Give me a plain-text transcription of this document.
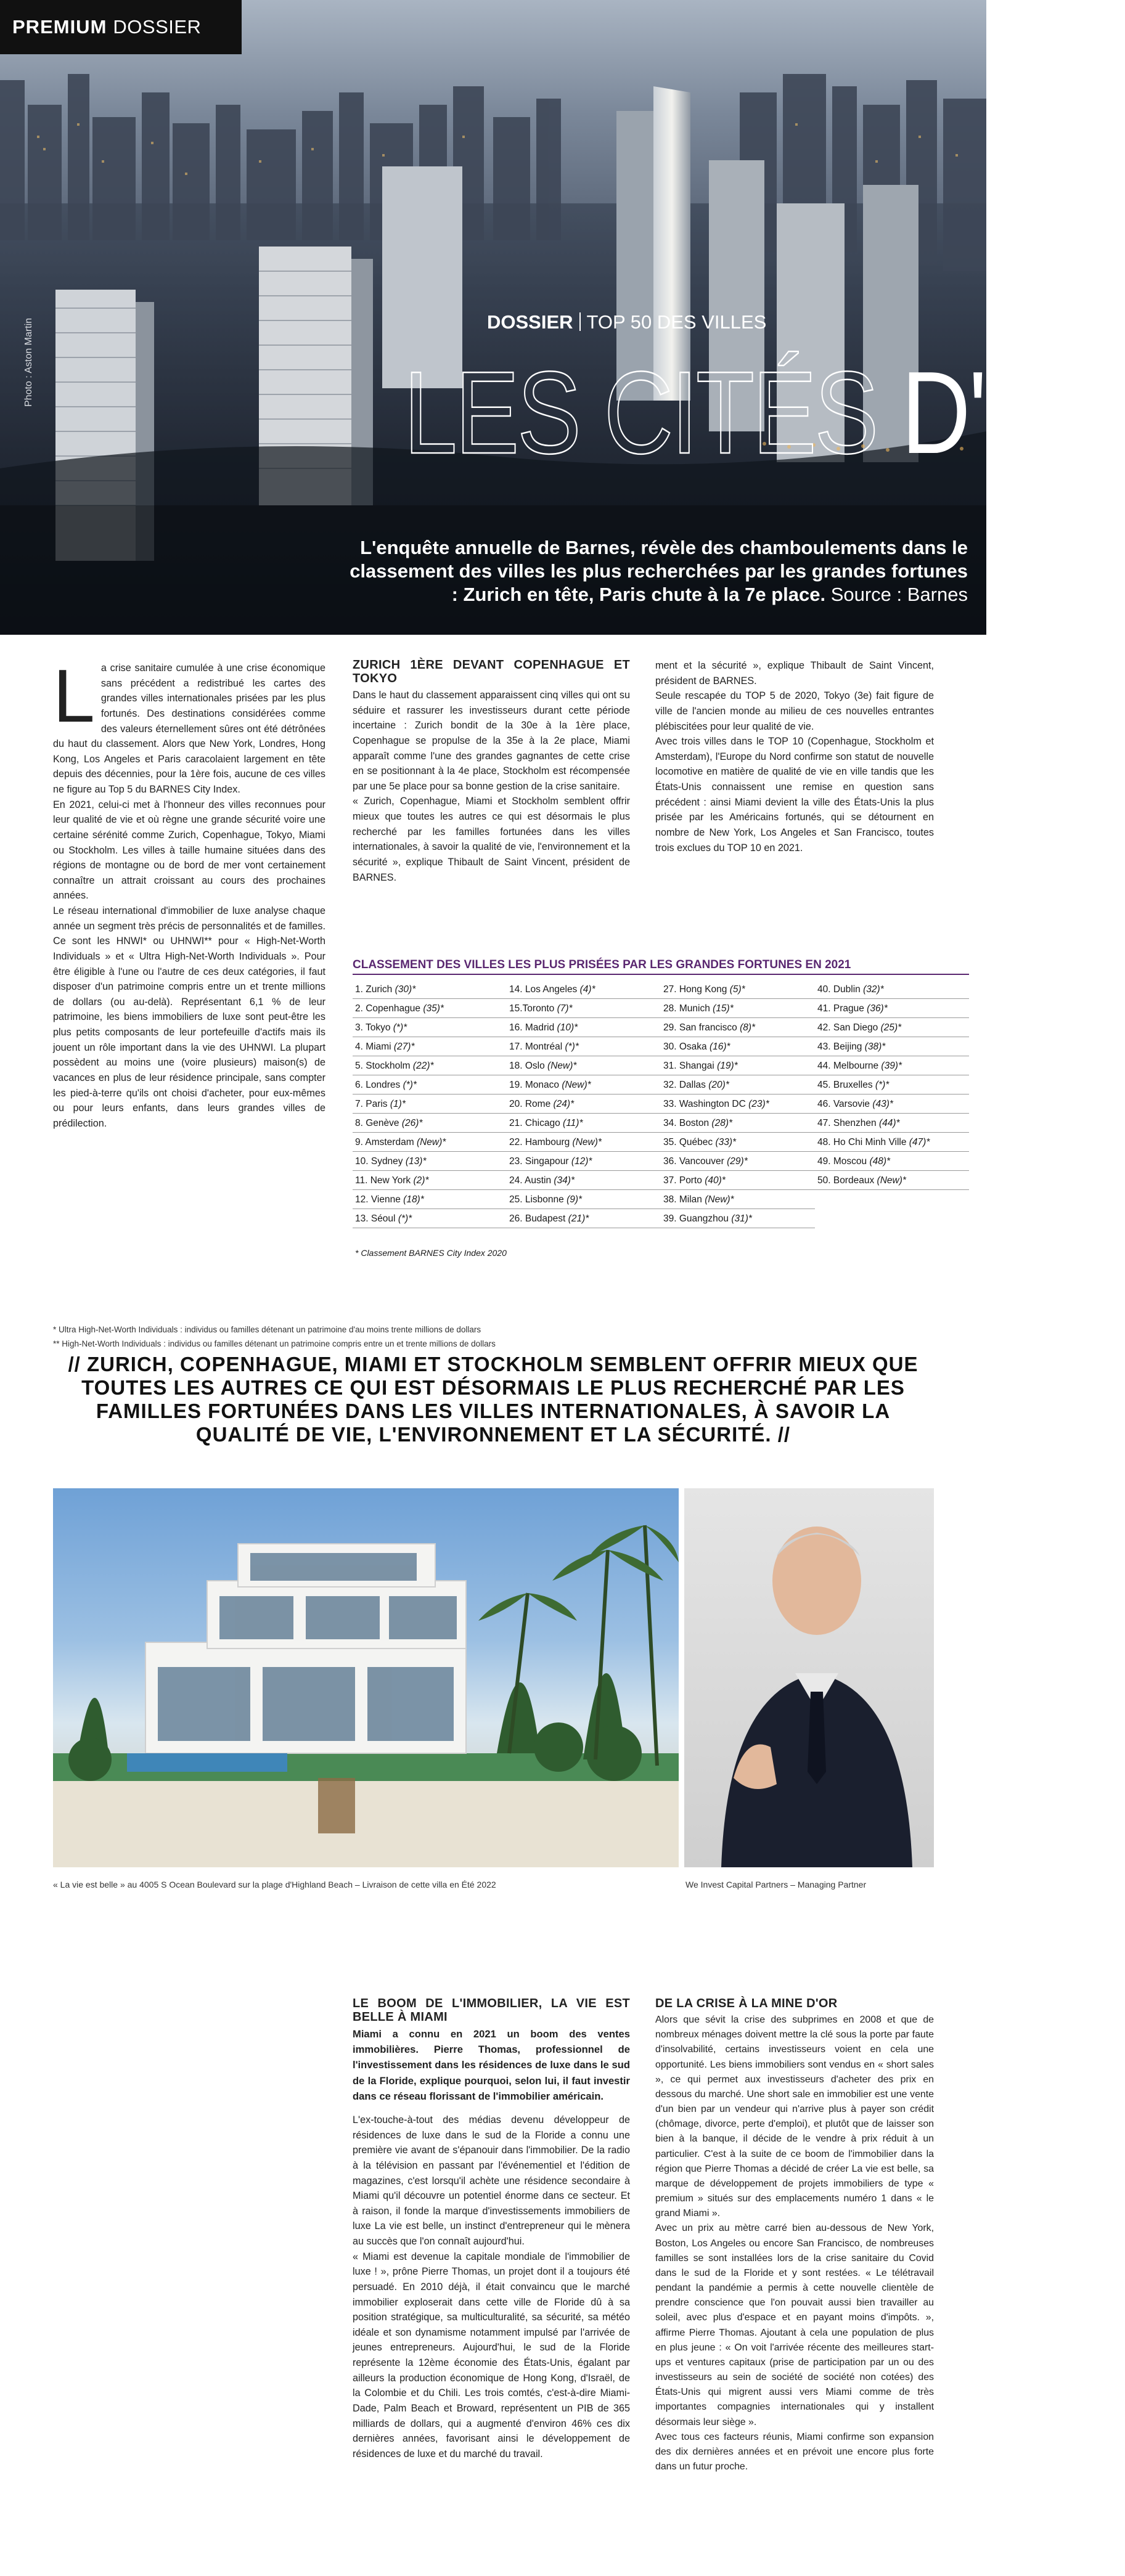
PREMIUM DOSSIER
DOSSIER TOP 50 DES VILLES
LES CITÉS D'OR
Photo : Aston Martin
L'enquête annuelle de Barnes, révèle des chamboulements dans le classement des villes les plus recherchées par les grandes fortunes : Zurich en tête, Paris chute à la 7e place. Source : Barnes

La crise sanitaire cumulée à une crise économique sans précédent a redistribué les cartes des grandes villes internationales prisées par les plus fortunés. Des destinations considérées comme des valeurs éternellement sûres ont été détrônées du haut du classement. Alors que New York, Londres, Hong Kong, Los Angeles et Paris caracolaient largement en tête depuis des décennies, pour la 1ère fois, aucune de ces villes ne figure au Top 5 du BARNES City Index.

En 2021, celui-ci met à l'honneur des villes reconnues pour leur qualité de vie et où règne une grande sécurité voire une certaine sérénité comme Zurich, Copenhague, Tokyo, Miami ou Stockholm. Les villes à taille humaine situées dans des régions de montagne ou de bord de mer vont certainement connaître un attrait croissant au cours des prochaines années.

Le réseau international d'immobilier de luxe analyse chaque année un segment très précis de personnalités et de familles. Ce sont les HNWI* ou UHNWI** pour « High-Net-Worth Individuals » et « Ultra High-Net-Worth Individuals ». Pour être éligible à l'une ou l'autre de ces deux catégories, il faut disposer d'un patrimoine compris entre un et trente millions de dollars (ou au-delà). Représentant 6,1 % de leur patrimoine, les biens immobiliers de luxe sont peut-être les plus petits composants de leur portefeuille d'actifs mais ils jouent un rôle important dans la vie des UHNWI. La plupart possèdent au moins une (voire plusieurs) maison(s) de vacances en plus de leur résidence principale, sans compter les pied-à-terre qu'ils ont choisi d'acheter, pour eux-mêmes ou pour leurs enfants, dans leurs grandes villes de prédilection.

ZURICH 1ÈRE DEVANT COPENHAGUE ET TOKYO

Dans le haut du classement apparaissent cinq villes qui ont su séduire et rassurer les investisseurs durant cette période incertaine : Zurich bondit de la 30e à la 1ère place, Copenhague se propulse de la 35e à la 2e place, Miami apparaît comme l'une des grandes gagnantes de cette crise en se positionnant à la 4e place, Stockholm est récompensée par une 5e place pour sa bonne gestion de la crise sanitaire.

« Zurich, Copenhague, Miami et Stockholm semblent offrir mieux que toutes les autres ce qui est désormais le plus recherché par les familles fortunées dans les villes internationales, à savoir la qualité de vie, l'environnement et la sécurité », explique Thibault de Saint Vincent, président de BARNES.

ment et la sécurité », explique Thibault de Saint Vincent, président de BARNES.

Seule rescapée du TOP 5 de 2020, Tokyo (3e) fait figure de ville de l'ancien monde au milieu de ces nouvelles entrantes plébiscitées pour leur qualité de vie.

Avec trois villes dans le TOP 10 (Copenhague, Stockholm et Amsterdam), l'Europe du Nord confirme son statut de nouvelle locomotive en matière de qualité de vie en ville tandis que les États-Unis connaissent une remise en question sans précédent : ainsi Miami devient la ville des États-Unis la plus prisée par les Américains fortunés, qui se détournent en nombre de New York, Los Angeles et San Francisco, toutes trois exclues du TOP 10 en 2021.

CLASSEMENT DES VILLES LES PLUS PRISÉES PAR LES GRANDES FORTUNES EN 2021
1. Zurich (30)*	14. Los Angeles (4)*	27. Hong Kong (5)*	40. Dublin (32)*
2. Copenhague (35)*	15.Toronto (7)*	28. Munich (15)*	41. Prague (36)*
3. Tokyo (*)*	16. Madrid (10)*	29. San francisco (8)*	42. San Diego (25)*
4. Miami (27)*	17. Montréal (*)*	30. Osaka (16)*	43. Beijing (38)*
5. Stockholm (22)*	18. Oslo (New)*	31. Shangai (19)*	44. Melbourne (39)*
6. Londres (*)*	19. Monaco (New)*	32. Dallas (20)*	45. Bruxelles (*)*
7. Paris (1)*	20. Rome (24)*	33. Washington DC (23)*	46. Varsovie (43)*
8. Genève (26)*	21. Chicago (11)*	34. Boston (28)*	47. Shenzhen (44)*
9. Amsterdam (New)*	22. Hambourg (New)*	35. Québec (33)*	48. Ho Chi Minh Ville (47)*
10. Sydney (13)*	23. Singapour (12)*	36. Vancouver (29)*	49. Moscou (48)*
11. New York (2)*	24. Austin (34)*	37. Porto (40)*	50. Bordeaux (New)*
12. Vienne (18)*	25. Lisbonne (9)*	38. Milan (New)*
13. Séoul (*)*	26. Budapest (21)*	39. Guangzhou (31)*
* Classement BARNES City Index 2020
* Ultra High-Net-Worth Individuals : individus ou familles détenant un patrimoine d'au moins trente millions de dollars
** High-Net-Worth Individuals : individus ou familles détenant un patrimoine compris entre un et trente millions de dollars
// ZURICH, COPENHAGUE, MIAMI ET STOCKHOLM SEMBLENT OFFRIR MIEUX QUE TOUTES LES AUTRES CE QUI EST DÉSORMAIS LE PLUS RECHERCHÉ PAR LES FAMILLES FORTUNÉES DANS LES VILLES INTERNATIONALES, À SAVOIR LA QUALITÉ DE VIE, L'ENVIRONNEMENT ET LA SÉCURITÉ. //
« La vie est belle » au 4005 S Ocean Boulevard sur la plage d'Highland Beach – Livraison de cette villa en Été 2022	We Invest Capital Partners – Managing Partner
LE BOOM DE L'IMMOBILIER, LA VIE EST BELLE À MIAMI

Miami a connu en 2021 un boom des ventes immobilières. Pierre Thomas, professionnel de l'investissement dans les résidences de luxe dans le sud de la Floride, explique pourquoi, selon lui, il faut investir dans ce réseau florissant de l'immobilier américain.

L'ex-touche-à-tout des médias devenu développeur de résidences de luxe dans le sud de la Floride a connu une première vie avant de s'épanouir dans l'immobilier. De la radio à la télévision en passant par l'événementiel et l'édition de magazines, c'est lorsqu'il achète une résidence secondaire à Miami qu'il découvre un potentiel énorme dans ce secteur. Et à raison, il fonde la marque d'investissements immobiliers de luxe La vie est belle, un instinct d'entrepreneur qui le mènera au succès que l'on connaît aujourd'hui.

« Miami est devenue la capitale mondiale de l'immobilier de luxe ! », prône Pierre Thomas, un projet dont il a toujours été persuadé. En 2010 déjà, il était convaincu que le marché immobilier exploserait dans cette ville de Floride dû à sa position stratégique, sa multiculturalité, sa sécurité, sa météo idéale et son dynamisme notamment impulsé par l'arrivée de jeunes entrepreneurs. Aujourd'hui, le sud de la Floride représente la 12ème économie des États-Unis, égalant par ailleurs la production économique de Hong Kong, d'Israël, de la Colombie et du Chili. Les trois comtés, c'est-à-dire Miami-Dade, Palm Beach et Broward, représentent un PIB de 365 milliards de dollars, qui a augmenté d'environ 46% ces dix dernières années, favorisant ainsi le développement de résidences de luxe et du marché du travail.

DE LA CRISE À LA MINE D'OR

Alors que sévit la crise des subprimes en 2008 et que de nombreux ménages doivent mettre la clé sous la porte par faute d'insolvabilité, certains investisseurs voient en cela une opportunité. Les biens immobiliers sont vendus en « short sales », ce qui permet aux investisseurs d'acheter des prix en dessous du marché. Une short sale en immobilier est une vente d'un bien par un vendeur qui n'arrive plus à payer son crédit (chômage, divorce, perte d'emploi), et plutôt que de laisser son bien à la banque, il décide de le vendre à prix réduit à un particulier. C'est à la suite de ce boom de l'immobilier dans la région que Pierre Thomas a décidé de créer La vie est belle, sa marque de développement de projets immobiliers de type « premium » situés sur des emplacements numéro 1 dans « le grand Miami ».

Avec un prix au mètre carré bien au-dessous de New York, Boston, Los Angeles ou encore San Francisco, de nombreuses familles se sont installées lors de la crise sanitaire du Covid dans le sud de la Floride et y sont restées. « Le télétravail pendant la pandémie a permis à cette nouvelle clientèle de prendre conscience que l'on pouvait aussi bien travailler au soleil, avec plus d'espace et en payant moins d'impôts. », affirme Pierre Thomas. Ajoutant à cela une population de plus en plus jeune : « On voit l'arrivée récente des meilleures start-ups et ventures capitaux (prise de participation par un ou des investisseurs au sein de société de société non cotées) des États-Unis qui migrent aussi vers Miami comme de très importantes compagnies internationales qui y installent désormais leur siège ».

Avec tous ces facteurs réunis, Miami confirme son expansion des dix dernières années et en prévoit une encore plus forte dans un futur proche.
